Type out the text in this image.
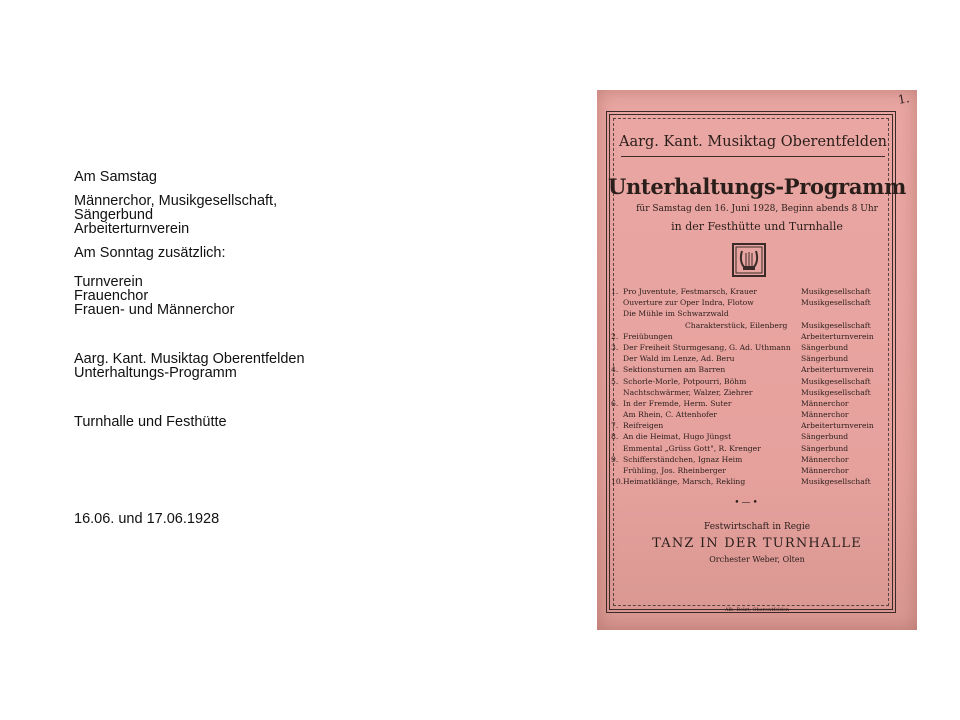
Am Samstag
Männerchor, Musikgesellschaft,
Sängerbund
Arbeiterturnverein
Am Sonntag zusätzlich:
Turnverein
Frauenchor
Frauen- und Männerchor
Aarg. Kant. Musiktag Oberentfelden
Unterhaltungs-Programm
Turnhalle und Festhütte
16.06. und 17.06.1928
1.
Aarg. Kant. Musiktag Oberentfelden
Unterhaltungs-Programm
für Samstag den 16. Juni 1928, Beginn abends 8 Uhr
in der Festhütte und Turnhalle
1. Pro Juventute, Festmarsch, Krauer	Musikgesellschaft
Ouverture zur Oper Indra, Flotow	Musikgesellschaft
Die Mühle im Schwarzwald
Charakterstück, Eilenberg Musikgesellschaft
2. Freiübungen	Arbeiterturnverein
3. Der Freiheit Sturmgesang, G. Ad. Uthmann Sängerbund
Der Wald im Lenze, Ad. Beru	Sängerbund
4. Sektionsturnen am Barren	Arbeiterturnverein
5. Schorle-Morle, Potpourri, Böhm	Musikgesellschaft
Nachtschwärmer, Walzer, Ziehrer	Musikgesellschaft
6. In der Fremde, Herm. Suter	Männerchor
Am Rhein, C. Attenhofer	Männerchor
7. Reifreigen	Arbeiterturnverein
8. An die Heimat, Hugo Jüngst	Sängerbund
Emmental „Grüss Gott", R. Krenger	Sängerbund
9. Schifferständchen, Ignaz Heim	Männerchor
Frühling, Jos. Rheinberger	Männerchor
10. Heimatklänge, Marsch, Rekling	Musikgesellschaft
•—•
Festwirtschaft in Regie
TANZ IN DER TURNHALLE
Orchester Weber, Olten
Alb. Bolzt, Oberentfelden
